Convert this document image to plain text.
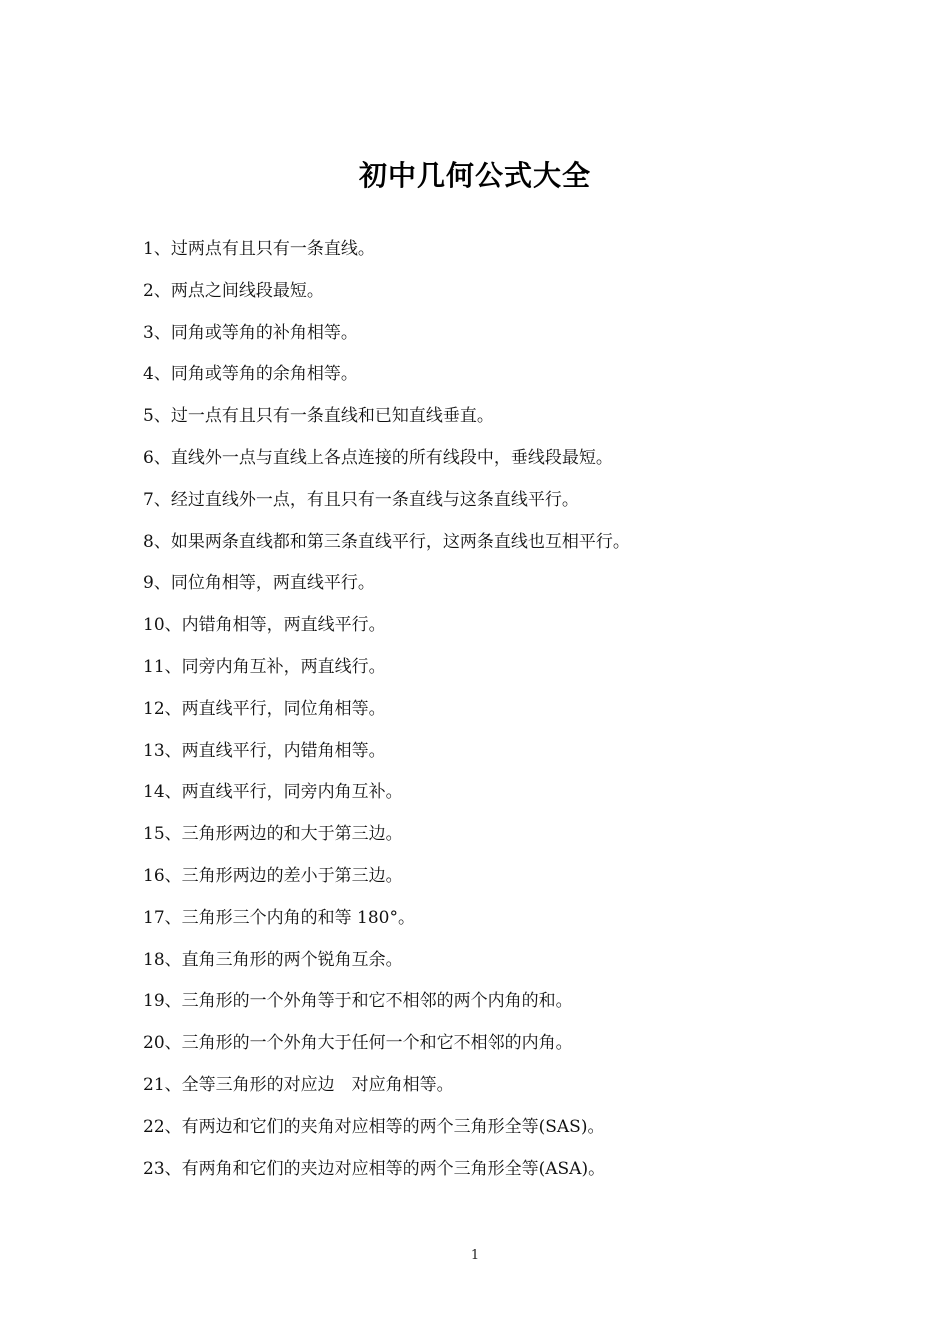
初中几何公式大全
1、过两点有且只有一条直线。
2、两点之间线段最短。
3、同角或等角的补角相等。
4、同角或等角的余角相等。
5、过一点有且只有一条直线和已知直线垂直。
6、直线外一点与直线上各点连接的所有线段中，垂线段最短。
7、经过直线外一点，有且只有一条直线与这条直线平行。
8、如果两条直线都和第三条直线平行，这两条直线也互相平行。
9、同位角相等，两直线平行。
10、内错角相等，两直线平行。
11、同旁内角互补，两直线行。
12、两直线平行，同位角相等。
13、两直线平行，内错角相等。
14、两直线平行，同旁内角互补。
15、三角形两边的和大于第三边。
16、三角形两边的差小于第三边。
17、三角形三个内角的和等 180°。
18、直角三角形的两个锐角互余。
19、三角形的一个外角等于和它不相邻的两个内角的和。
20、三角形的一个外角大于任何一个和它不相邻的内角。
21、全等三角形的对应边　对应角相等。
22、有两边和它们的夹角对应相等的两个三角形全等(SAS)。
23、有两角和它们的夹边对应相等的两个三角形全等(ASA)。
1
